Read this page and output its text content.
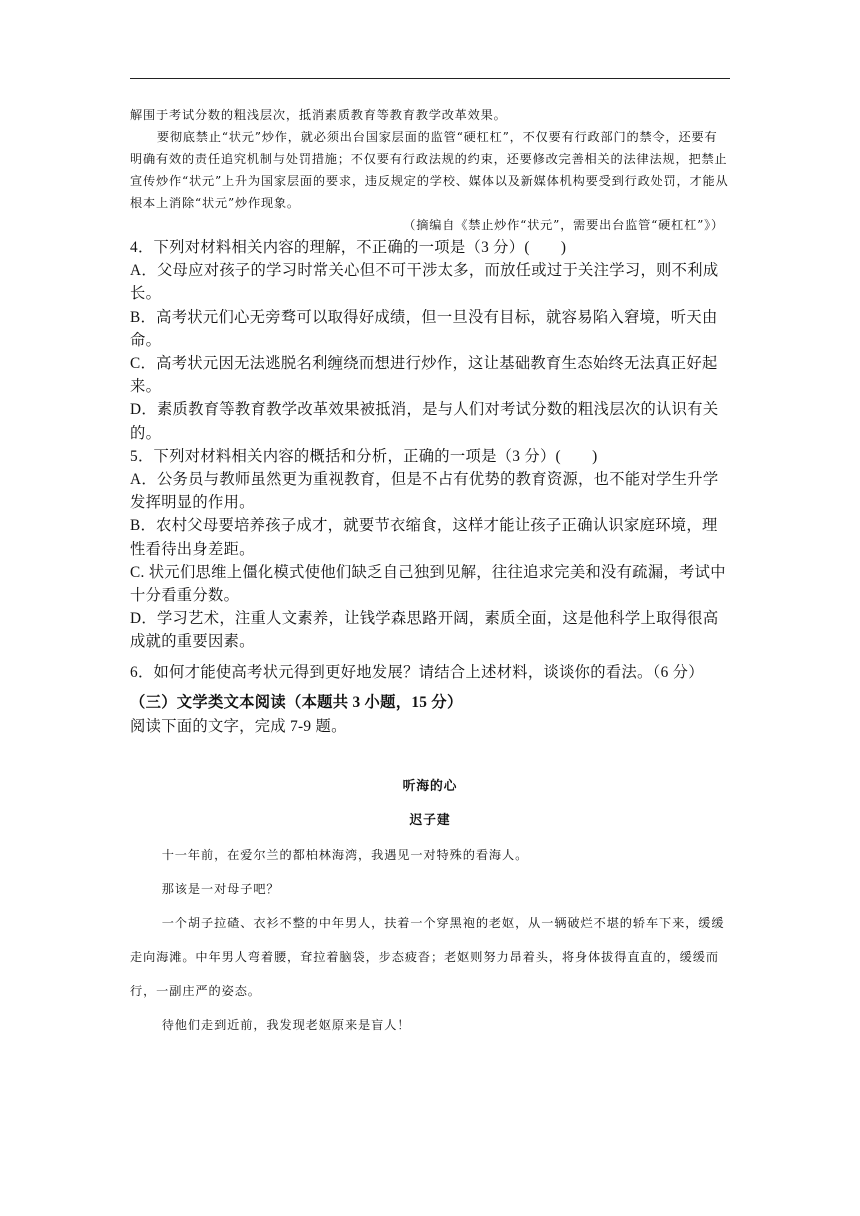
解围于考试分数的粗浅层次，抵消素质教育等教育教学改革效果。

要彻底禁止“状元”炒作，就必须出台国家层面的监管“硬杠杠”，不仅要有行政部门的禁令，还要有明确有效的责任追究机制与处罚措施；不仅要有行政法规的约束，还要修改完善相关的法律法规，把禁止宣传炒作“状元”上升为国家层面的要求，违反规定的学校、媒体以及新媒体机构要受到行政处罚，才能从根本上消除“状元”炒作现象。

（摘编自《禁止炒作“状元”，需要出台监管“硬杠杠”》）

4．下列对材料相关内容的理解，不正确的一项是（3 分）(　　)

A．父母应对孩子的学习时常关心但不可干涉太多，而放任或过于关注学习，则不利成长。

B．高考状元们心无旁骛可以取得好成绩，但一旦没有目标，就容易陷入窘境，听天由命。

C．高考状元因无法逃脱名利缠绕而想进行炒作，这让基础教育生态始终无法真正好起来。

D．素质教育等教育教学改革效果被抵消，是与人们对考试分数的粗浅层次的认识有关的。

5．下列对材料相关内容的概括和分析，正确的一项是（3 分）(　　)

A．公务员与教师虽然更为重视教育，但是不占有优势的教育资源，也不能对学生升学发挥明显的作用。

B．农村父母要培养孩子成才，就要节衣缩食，这样才能让孩子正确认识家庭环境，理性看待出身差距。

C. 状元们思维上僵化模式使他们缺乏自己独到见解，往往追求完美和没有疏漏，考试中十分看重分数。

D．学习艺术，注重人文素养，让钱学森思路开阔，素质全面，这是他科学上取得很高成就的重要因素。

6．如何才能使高考状元得到更好地发展？请结合上述材料，谈谈你的看法。（6 分）

（三）文学类文本阅读（本题共 3 小题，15 分）

阅读下面的文字，完成 7-9 题。

听海的心

迟子建

十一年前，在爱尔兰的都柏林海湾，我遇见一对特殊的看海人。

那该是一对母子吧？

一个胡子拉碴、衣衫不整的中年男人，扶着一个穿黑袍的老妪，从一辆破烂不堪的轿车下来，缓缓走向海滩。中年男人弯着腰，耷拉着脑袋，步态疲沓；老妪则努力昂着头，将身体拔得直直的，缓缓而行，一副庄严的姿态。

待他们走到近前，我发现老妪原来是盲人！
